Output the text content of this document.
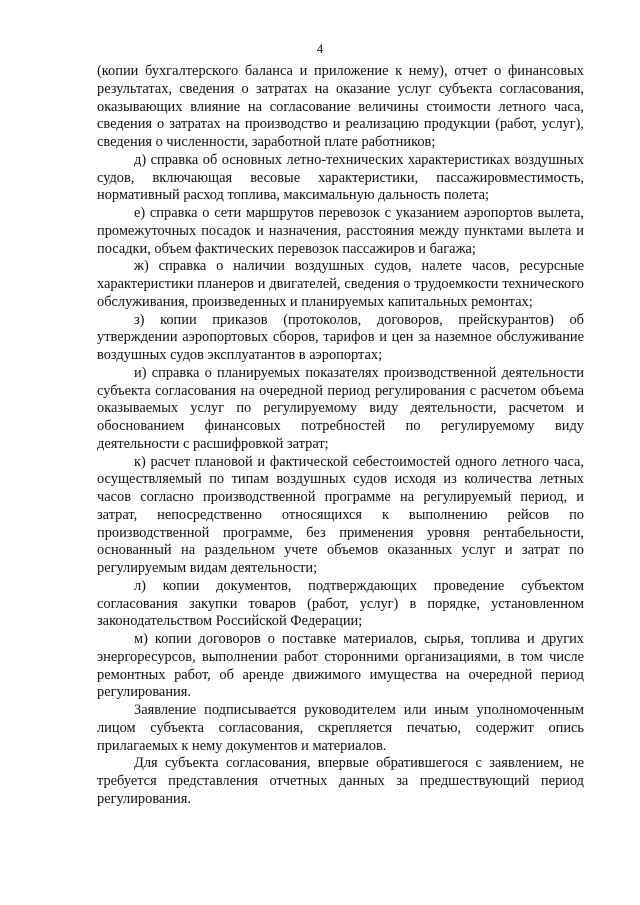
4

(копии бухгалтерского баланса и приложение к нему), отчет о финансовых результатах, сведения о затратах на оказание услуг субъекта согласования, оказывающих влияние на согласование величины стоимости летного часа, сведения о затратах на производство и реализацию продукции (работ, услуг), сведения о численности, заработной плате работников;

д) справка об основных летно-технических характеристиках воздушных судов, включающая весовые характеристики, пассажировместимость, нормативный расход топлива, максимальную дальность полета;

е) справка о сети маршрутов перевозок с указанием аэропортов вылета, промежуточных посадок и назначения, расстояния между пунктами вылета и посадки, объем фактических перевозок пассажиров и багажа;

ж) справка о наличии воздушных судов, налете часов, ресурсные характеристики планеров и двигателей, сведения о трудоемкости технического обслуживания, произведенных и планируемых капитальных ремонтах;

з) копии приказов (протоколов, договоров, прейскурантов) об утверждении аэропортовых сборов, тарифов и цен за наземное обслуживание воздушных судов эксплуатантов в аэропортах;

и) справка о планируемых показателях производственной деятельности субъекта согласования на очередной период регулирования с расчетом объема оказываемых услуг по регулируемому виду деятельности, расчетом и обоснованием финансовых потребностей по регулируемому виду деятельности с расшифровкой затрат;

к) расчет плановой и фактической себестоимостей одного летного часа, осуществляемый по типам воздушных судов исходя из количества летных часов согласно производственной программе на регулируемый период, и затрат, непосредственно относящихся к выполнению рейсов по производственной программе, без применения уровня рентабельности, основанный на раздельном учете объемов оказанных услуг и затрат по регулируемым видам деятельности;

л) копии документов, подтверждающих проведение субъектом согласования закупки товаров (работ, услуг) в порядке, установленном законодательством Российской Федерации;

м) копии договоров о поставке материалов, сырья, топлива и других энергоресурсов, выполнении работ сторонними организациями, в том числе ремонтных работ, об аренде движимого имущества на очередной период регулирования.

Заявление подписывается руководителем или иным уполномоченным лицом субъекта согласования, скрепляется печатью, содержит опись прилагаемых к нему документов и материалов.

Для субъекта согласования, впервые обратившегося с заявлением, не требуется представления отчетных данных за предшествующий период регулирования.
